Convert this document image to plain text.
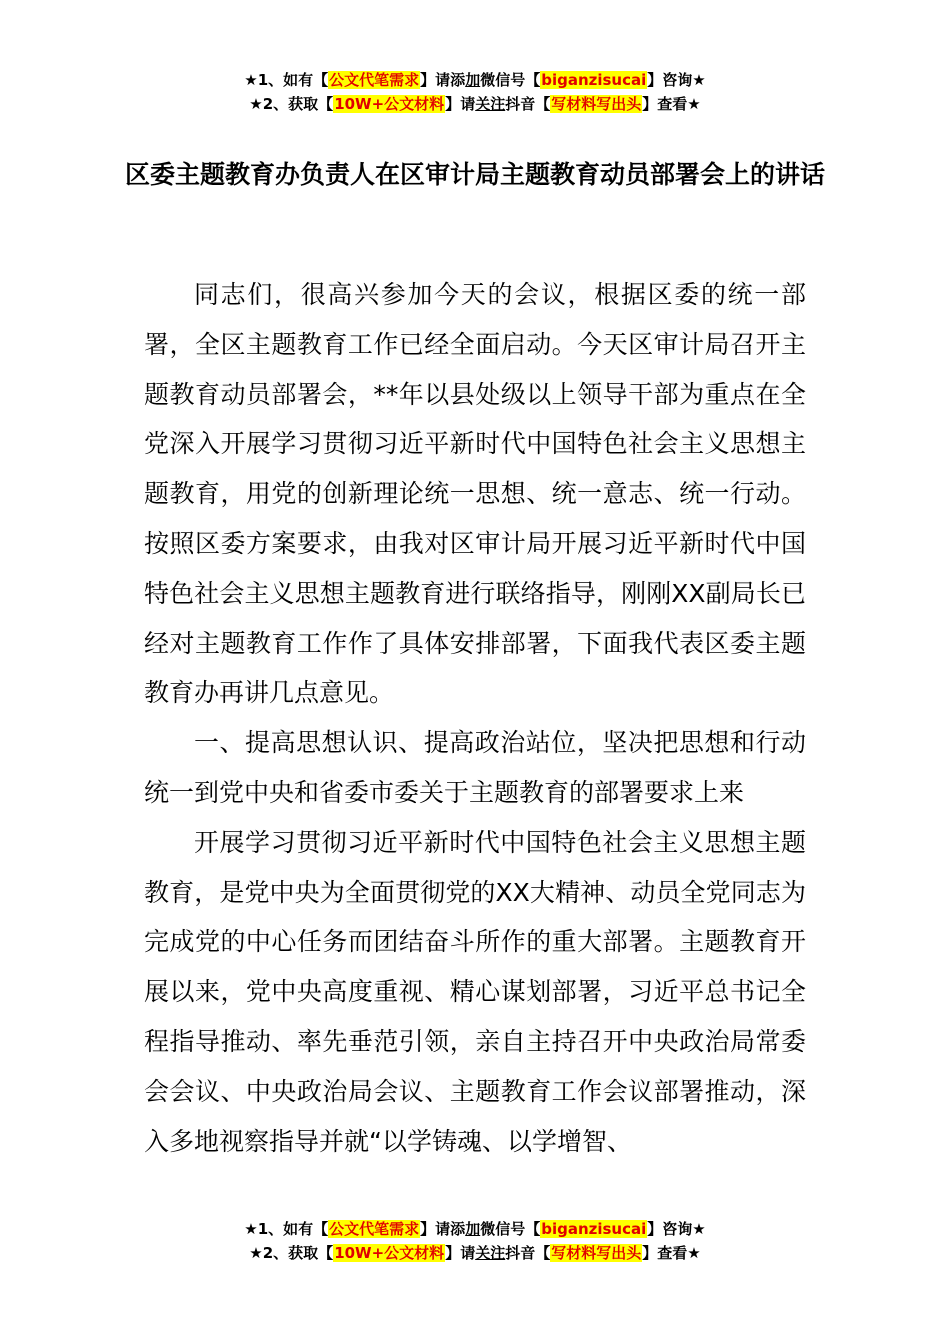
★1、如有【公文代笔需求】请添加微信号【biganzisucai】咨询★
★2、获取【10W+公文材料】请关注抖音【写材料写出头】查看★
区委主题教育办负责人在区审计局主题教育动员部署会上的讲话

同志们，很高兴参加今天的会议，根据区委的统一部署，全区主题教育工作已经全面启动。今天区审计局召开主题教育动员部署会，**年以县处级以上领导干部为重点在全党深入开展学习贯彻习近平新时代中国特色社会主义思想主题教育，用党的创新理论统一思想、统一意志、统一行动。按照区委方案要求，由我对区审计局开展习近平新时代中国特色社会主义思想主题教育进行联络指导，刚刚XX副局长已经对主题教育工作作了具体安排部署，下面我代表区委主题教育办再讲几点意见。

一、提高思想认识、提高政治站位，坚决把思想和行动统一到党中央和省委市委关于主题教育的部署要求上来

开展学习贯彻习近平新时代中国特色社会主义思想主题教育，是党中央为全面贯彻党的XX大精神、动员全党同志为完成党的中心任务而团结奋斗所作的重大部署。主题教育开展以来，党中央高度重视、精心谋划部署，习近平总书记全程指导推动、率先垂范引领，亲自主持召开中央政治局常委会会议、中央政治局会议、主题教育工作会议部署推动，深入多地视察指导并就“以学铸魂、以学增智、

★1、如有【公文代笔需求】请添加微信号【biganzisucai】咨询★
★2、获取【10W+公文材料】请关注抖音【写材料写出头】查看★
